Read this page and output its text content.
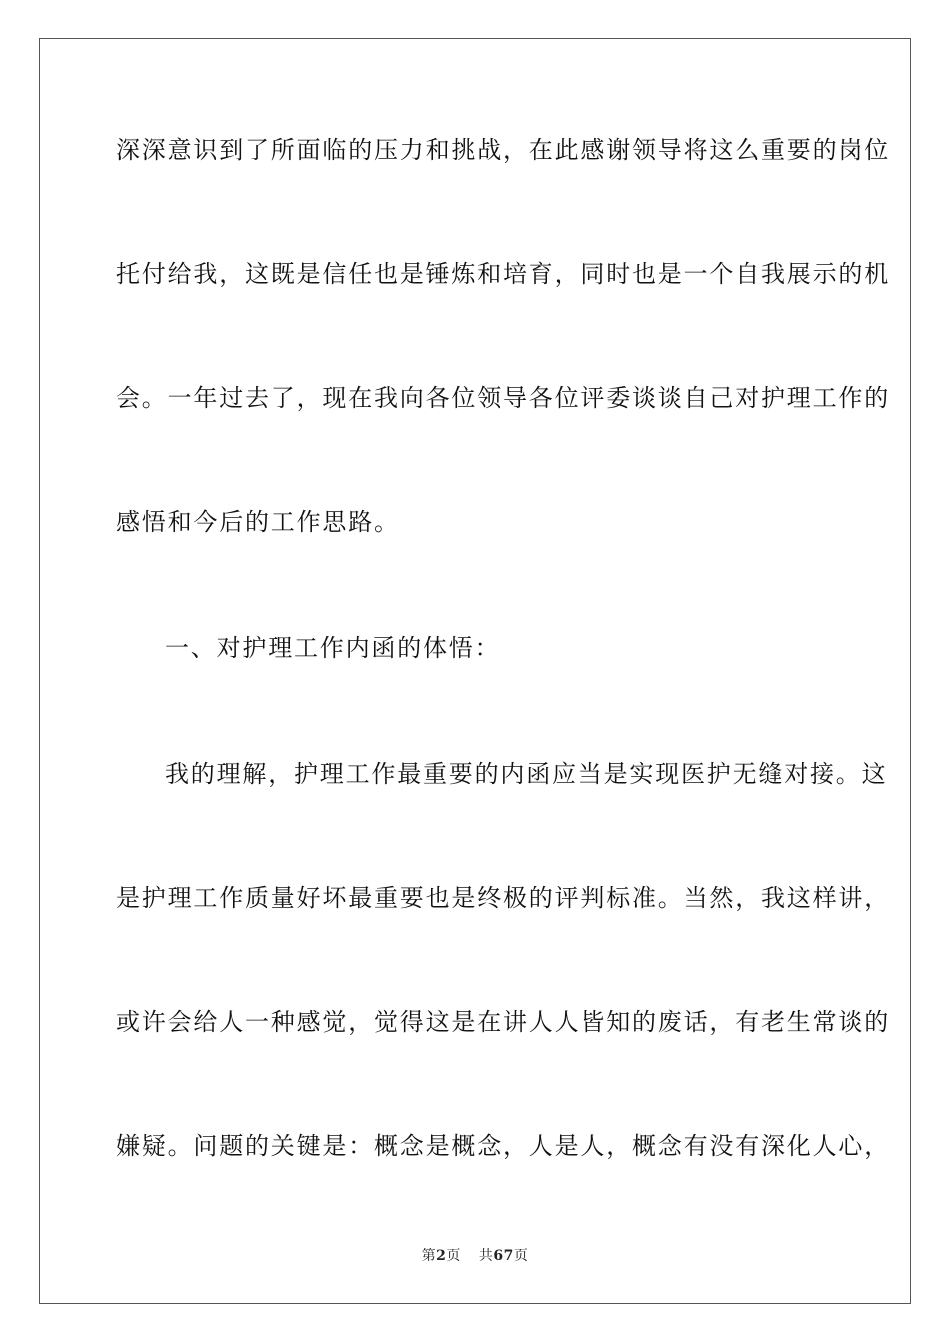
深深意识到了所面临的压力和挑战，在此感谢领导将这么重要的岗位
托付给我，这既是信任也是锤炼和培育，同时也是一个自我展示的机
会。一年过去了，现在我向各位领导各位评委谈谈自己对护理工作的
感悟和今后的工作思路。
一、对护理工作内函的体悟：
我的理解，护理工作最重要的内函应当是实现医护无缝对接。这
是护理工作质量好坏最重要也是终极的评判标准。当然，我这样讲，
或许会给人一种感觉，觉得这是在讲人人皆知的废话，有老生常谈的
嫌疑。问题的关键是：概念是概念，人是人，概念有没有深化人心，
第2页 共67页
